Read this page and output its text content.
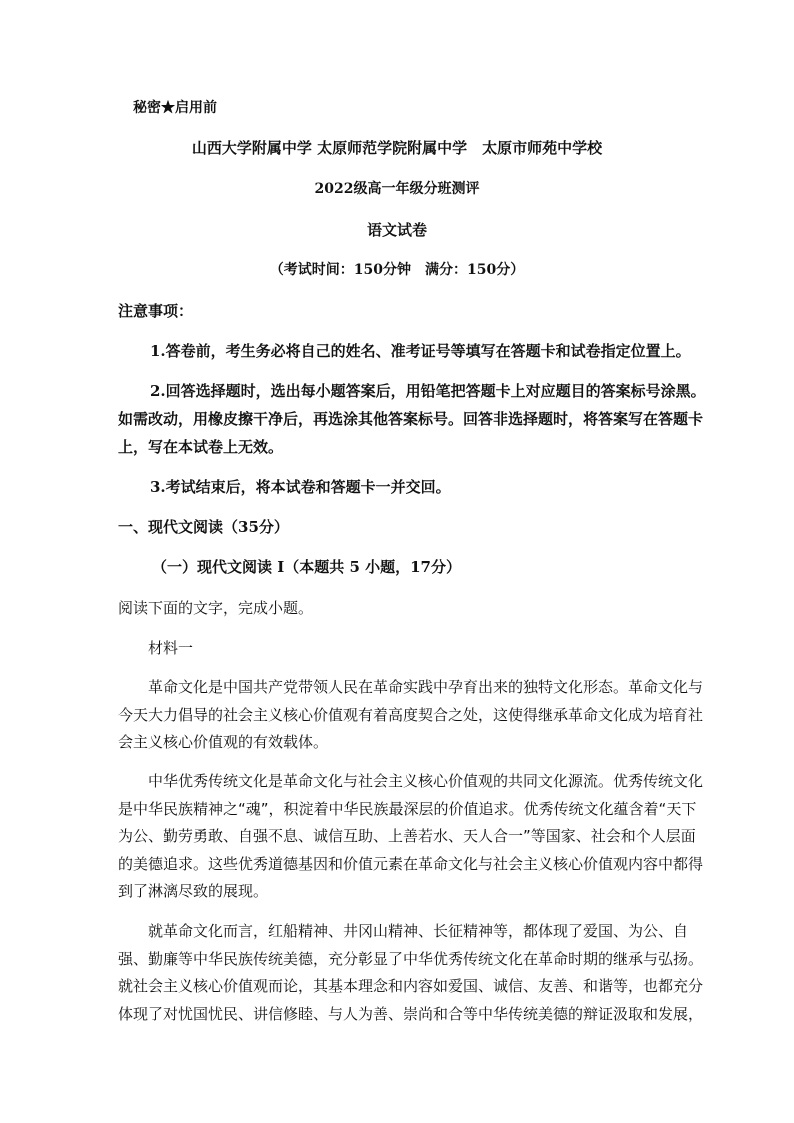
秘密★启用前
山西大学附属中学 太原师范学院附属中学　太原市师苑中学校
2022级高一年级分班测评
语文试卷
（考试时间：150分钟　满分：150分）
注意事项：
1.答卷前，考生务必将自己的姓名、准考证号等填写在答题卡和试卷指定位置上。
2.回答选择题时，选出每小题答案后，用铅笔把答题卡上对应题目的答案标号涂黑。
如需改动，用橡皮擦干净后，再选涂其他答案标号。回答非选择题时，将答案写在答题卡
上，写在本试卷上无效。
3.考试结束后，将本试卷和答题卡一并交回。
一、现代文阅读（35分）
（一）现代文阅读 I（本题共 5 小题，17分）
阅读下面的文字，完成小题。
材料一
　　革命文化是中国共产党带领人民在革命实践中孕育出来的独特文化形态。革命文化与
今天大力倡导的社会主义核心价值观有着高度契合之处，这使得继承革命文化成为培育社
会主义核心价值观的有效载体。
　　中华优秀传统文化是革命文化与社会主义核心价值观的共同文化源流。优秀传统文化
是中华民族精神之“魂”，积淀着中华民族最深层的价值追求。优秀传统文化蕴含着“天下
为公、勤劳勇敢、自强不息、诚信互助、上善若水、天人合一”等国家、社会和个人层面
的美德追求。这些优秀道德基因和价值元素在革命文化与社会主义核心价值观内容中都得
到了淋漓尽致的展现。
　　就革命文化而言，红船精神、井冈山精神、长征精神等，都体现了爱国、为公、自
强、勤廉等中华民族传统美德，充分彰显了中华优秀传统文化在革命时期的继承与弘扬。
就社会主义核心价值观而论，其基本理念和内容如爱国、诚信、友善、和谐等，也都充分
体现了对忧国忧民、讲信修睦、与人为善、崇尚和合等中华传统美德的辩证汲取和发展，
